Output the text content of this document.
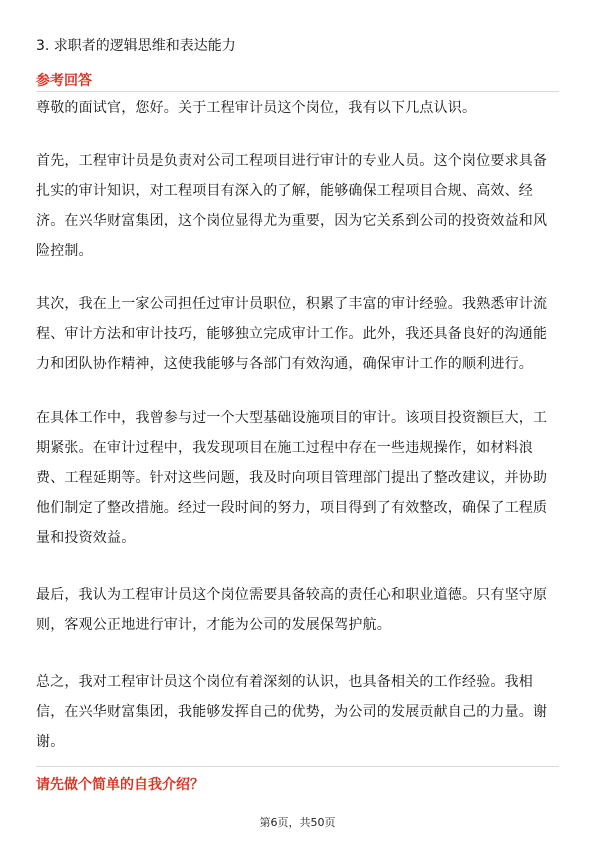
3. 求职者的逻辑思维和表达能力
参考回答
尊敬的面试官，您好。关于工程审计员这个岗位，我有以下几点认识。
首先，工程审计员是负责对公司工程项目进行审计的专业人员。这个岗位要求具备扎实的审计知识，对工程项目有深入的了解，能够确保工程项目合规、高效、经济。在兴华财富集团，这个岗位显得尤为重要，因为它关系到公司的投资效益和风险控制。
其次，我在上一家公司担任过审计员职位，积累了丰富的审计经验。我熟悉审计流程、审计方法和审计技巧，能够独立完成审计工作。此外，我还具备良好的沟通能力和团队协作精神，这使我能够与各部门有效沟通，确保审计工作的顺利进行。
在具体工作中，我曾参与过一个大型基础设施项目的审计。该项目投资额巨大，工期紧张。在审计过程中，我发现项目在施工过程中存在一些违规操作，如材料浪费、工程延期等。针对这些问题，我及时向项目管理部门提出了整改建议，并协助他们制定了整改措施。经过一段时间的努力，项目得到了有效整改，确保了工程质量和投资效益。
最后，我认为工程审计员这个岗位需要具备较高的责任心和职业道德。只有坚守原则，客观公正地进行审计，才能为公司的发展保驾护航。
总之，我对工程审计员这个岗位有着深刻的认识，也具备相关的工作经验。我相信，在兴华财富集团，我能够发挥自己的优势，为公司的发展贡献自己的力量。谢谢。
请先做个简单的自我介绍？
第6页，共50页
